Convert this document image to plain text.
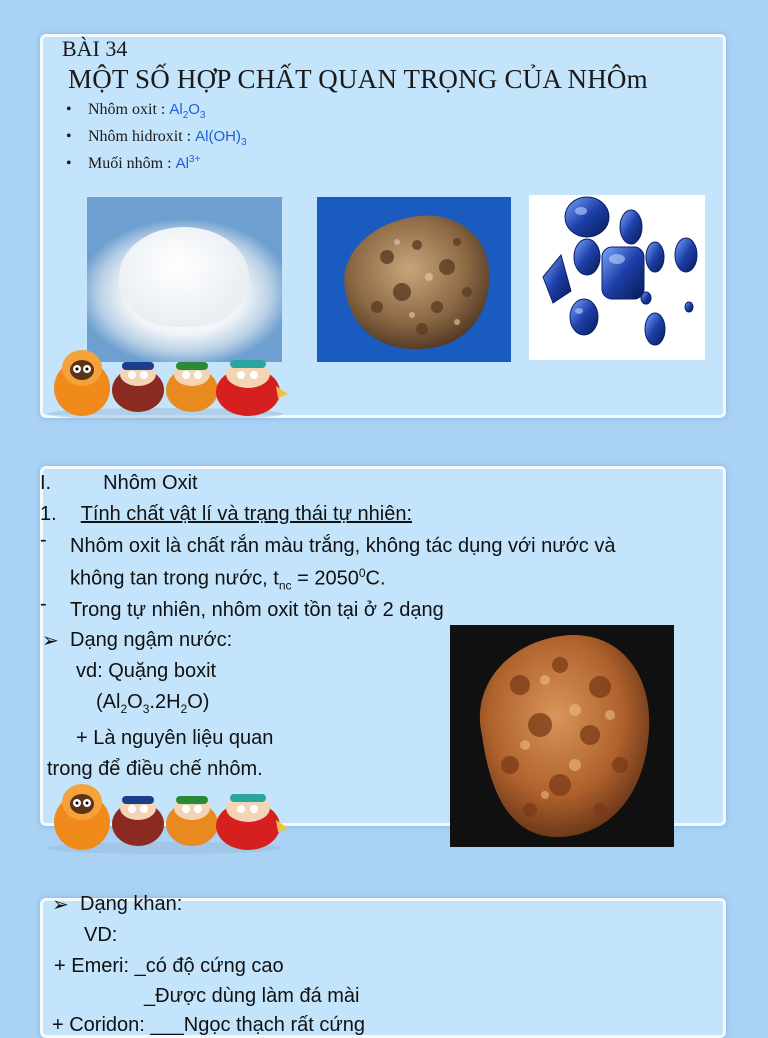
BÀI 34
MỘT SỐ HỢP CHẤT QUAN TRỌNG CỦA NHÔm
• Nhôm oxit : $Al_2O_3$
• Nhôm hidroxit : $Al(OH)_3$
• Muối nhôm : $Al^{3+}$
I.	Nhôm Oxit
1. Tính chất vật lí và trạng thái tự nhiên:
- Nhôm oxit là chất rắn màu trắng, không tác dụng với nước và
không tan trong nước, $t_{nc} = 2050^0C$.
- Trong tự nhiên, nhôm oxit tồn tại ở 2 dạng
➢ Dạng ngậm nước:
vd: Quặng boxit
$(Al_2O_3.2H_2O)$
+ Là nguyên liệu quan
trong để điều chế nhôm.
➢ Dạng khan:
VD:
+ Emeri: _có độ cứng cao
_Được dùng làm đá mài
+ Coridon: ___Ngọc thạch rất cứng
